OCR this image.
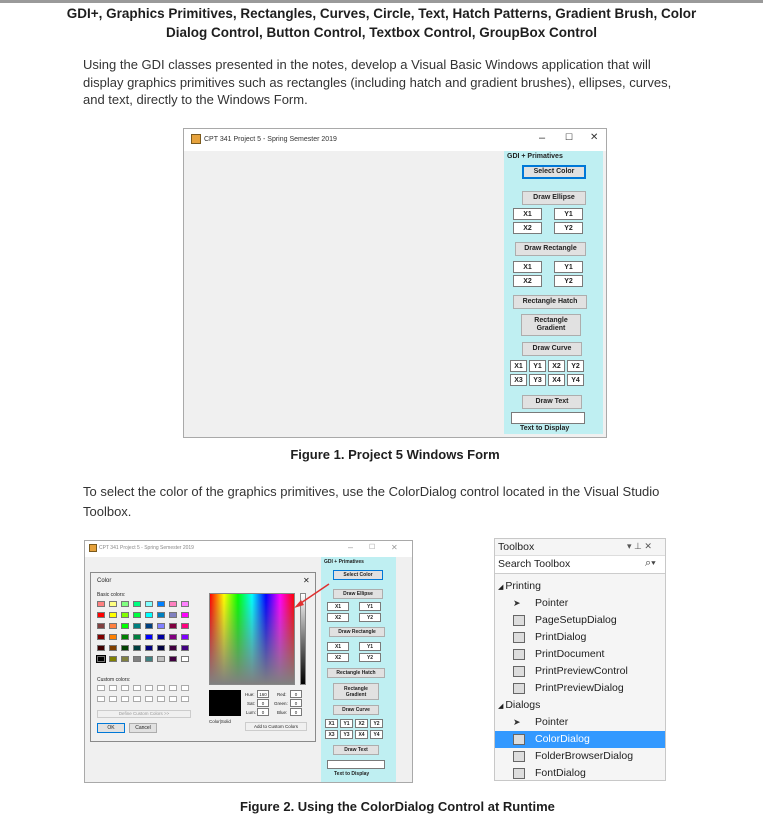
GDI+, Graphics Primitives, Rectangles, Curves, Circle, Text, Hatch Patterns, Gradient Brush, Color
Dialog Control, Button Control, Textbox Control, GroupBox Control
Using the GDI classes presented in the notes, develop a Visual Basic Windows application that will
display graphics primitives such as rectangles (including hatch and gradient brushes), ellipses, curves,
and text, directly to the Windows Form.
CPT 341 Project 5 - Spring Semester 2019	– ☐ ✕
GDI + Primatives
Select Color
Draw Ellipse
X1	Y1
X2	Y2
Draw Rectangle
X1	Y1
X2	Y2
Rectangle Hatch
Rectangle
Gradient
Draw Curve
X1	Y1	X2	Y2
X3	Y3	X4	Y4
Draw Text
Text to Display
Figure 1. Project 5 Windows Form
To select the color of the graphics primitives, use the ColorDialog control located in the Visual Studio
Toolbox.
CPT 341 Project 5 - Spring Semester 2019	– ☐ ✕
GDI + Primatives
Select Color
Draw Ellipse
X1	Y1
X2	Y2
Draw Rectangle
X1	Y1
X2	Y2
Rectangle Hatch
Rectangle
Gradient
Draw Curve
X1	Y1	X2	Y2
X3	Y3	X4	Y4
Draw Text
Text to Display
Color	✕
Basic colors:
Custom colors:
Define Custom Colors >>
OK	Cancel
Color|Solid
Hue:	160
Sat:	0
Lum:	0
Red:	0
Green:	0
Blue:	0
Add to Custom Colors
Toolbox	▾ ⊥ ✕
Search Toolbox	⌕▾
◢ Printing
➤	Pointer
PageSetupDialog
PrintDialog
PrintDocument
PrintPreviewControl
PrintPreviewDialog
◢ Dialogs
➤	Pointer
ColorDialog
FolderBrowserDialog
FontDialog
Figure 2. Using the ColorDialog Control at Runtime
